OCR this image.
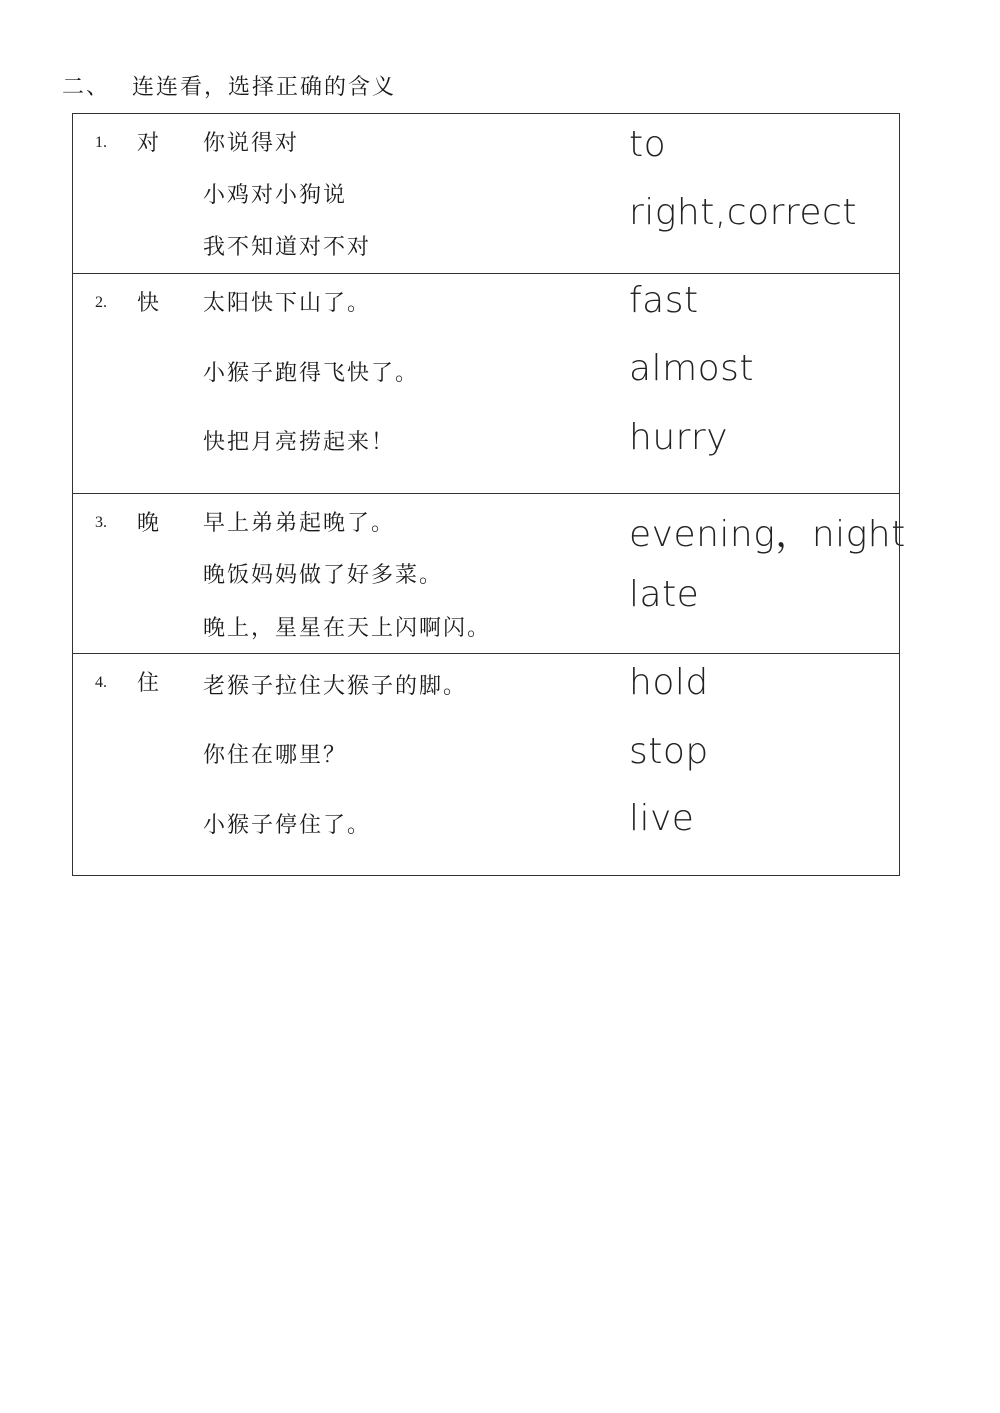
二、 连连看，选择正确的含义
1. 对 你说得对
小鸡对小狗说
我不知道对不对
to
right,correct
2. 快 太阳快下山了。
小猴子跑得飞快了。
快把月亮捞起来！
fast
almost
hurry
3. 晚 早上弟弟起晚了。
晚饭妈妈做了好多菜。
晚上，星星在天上闪啊闪。
evening，night
late
4. 住 老猴子拉住大猴子的脚。
你住在哪里？
小猴子停住了。
hold
stop
live
